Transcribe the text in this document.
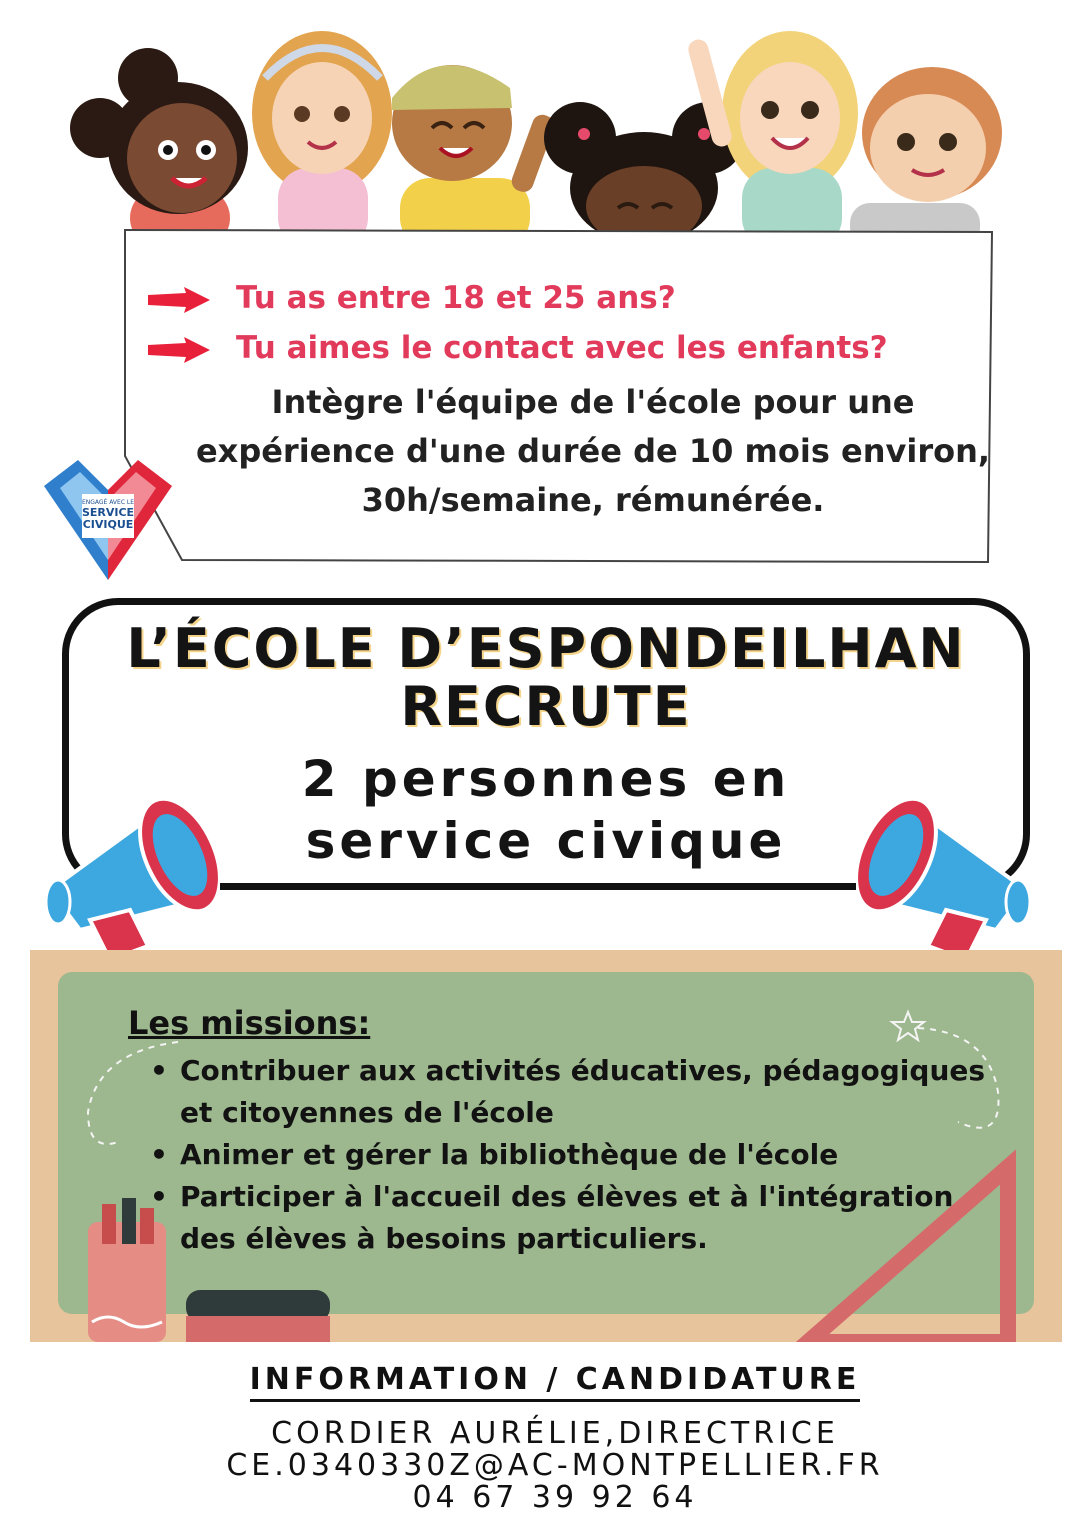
Tu as entre 18 et 25 ans?
Tu aimes le contact avec les enfants?
Intègre l'équipe de l'école pour une
expérience d'une durée de 10 mois environ,
30h/semaine, rémunérée.
ENGAGÉ AVEC LE
SERVICE
CIVIQUE
L’ÉCOLE D’ESPONDEILHAN
RECRUTE
2 personnes en
service civique
Les missions:
• Contribuer aux activités éducatives, pédagogiques et citoyennes de l'école
• Animer et gérer la bibliothèque de l'école
• Participer à l'accueil des élèves et à l'intégration des élèves à besoins particuliers.
INFORMATION / CANDIDATURE
CORDIER AURÉLIE,DIRECTRICE
CE.0340330Z@AC-MONTPELLIER.FR
04 67 39 92 64
